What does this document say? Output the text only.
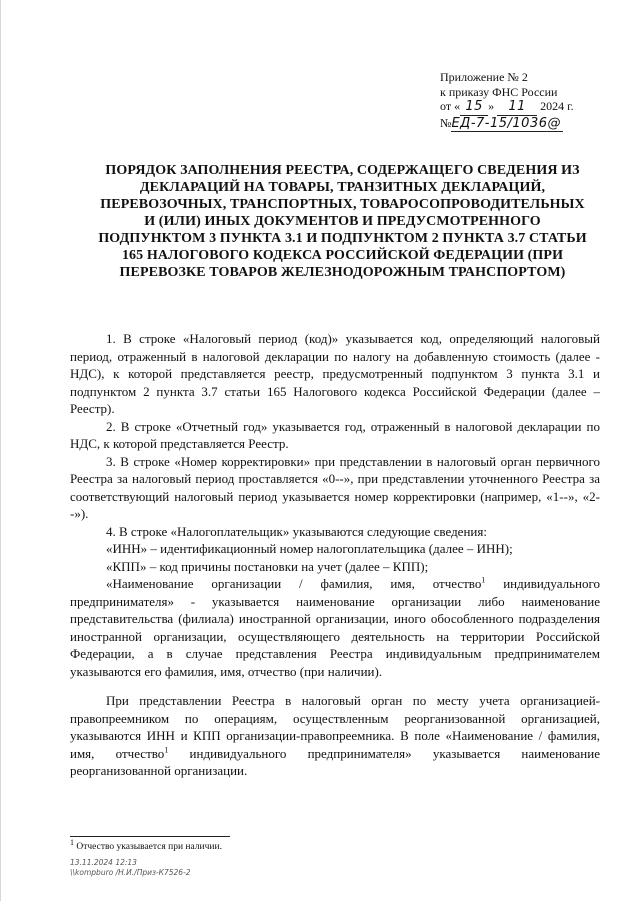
Приложение № 2
к приказу ФНС России
от « 15 » 11 2024 г.
№ЕД-7-15/1036@
ПОРЯДОК ЗАПОЛНЕНИЯ РЕЕСТРА, СОДЕРЖАЩЕГО СВЕДЕНИЯ ИЗ
ДЕКЛАРАЦИЙ НА ТОВАРЫ, ТРАНЗИТНЫХ ДЕКЛАРАЦИЙ,
ПЕРЕВОЗОЧНЫХ, ТРАНСПОРТНЫХ, ТОВАРОСОПРОВОДИТЕЛЬНЫХ
И (ИЛИ) ИНЫХ ДОКУМЕНТОВ И ПРЕДУСМОТРЕННОГО
ПОДПУНКТОМ 3 ПУНКТА 3.1 И ПОДПУНКТОМ 2 ПУНКТА 3.7 СТАТЬИ
165 НАЛОГОВОГО КОДЕКСА РОССИЙСКОЙ ФЕДЕРАЦИИ (ПРИ
ПЕРЕВОЗКЕ ТОВАРОВ ЖЕЛЕЗНОДОРОЖНЫМ ТРАНСПОРТОМ)

1. В строке «Налоговый период (код)» указывается код, определяющий налоговый период, отраженный в налоговой декларации по налогу на добавленную стоимость (далее - НДС), к которой представляется реестр, предусмотренный подпунктом 3 пункта 3.1 и подпунктом 2 пункта 3.7 статьи 165 Налогового кодекса Российской Федерации (далее – Реестр).

2. В строке «Отчетный год» указывается год, отраженный в налоговой декларации по НДС, к которой представляется Реестр.

3. В строке «Номер корректировки» при представлении в налоговый орган первичного Реестра за налоговый период проставляется «0--», при представлении уточненного Реестра за соответствующий налоговый период указывается номер корректировки (например, «1--», «2--»).

4. В строке «Налогоплательщик» указываются следующие сведения:

«ИНН» – идентификационный номер налогоплательщика (далее – ИНН);

«КПП» – код причины постановки на учет (далее – КПП);

«Наименование организации / фамилия, имя, отчество$^1$ индивидуального предпринимателя» - указывается наименование организации либо наименование представительства (филиала) иностранной организации, иного обособленного подразделения иностранной организации, осуществляющего деятельность на территории Российской Федерации, а в случае представления Реестра индивидуальным предпринимателем указываются его фамилия, имя, отчество (при наличии).

При представлении Реестра в налоговый орган по месту учета организацией-правопреемником по операциям, осуществленным реорганизованной организацией, указываются ИНН и КПП организации-правопреемника. В поле «Наименование / фамилия, имя, отчество$^1$ индивидуального предпринимателя» указывается наименование реорганизованной организации.

$^1$ Отчество указывается при наличии.
13.11.2024 12:13
\\kompburo /Н.И./Приз-К7526-2
